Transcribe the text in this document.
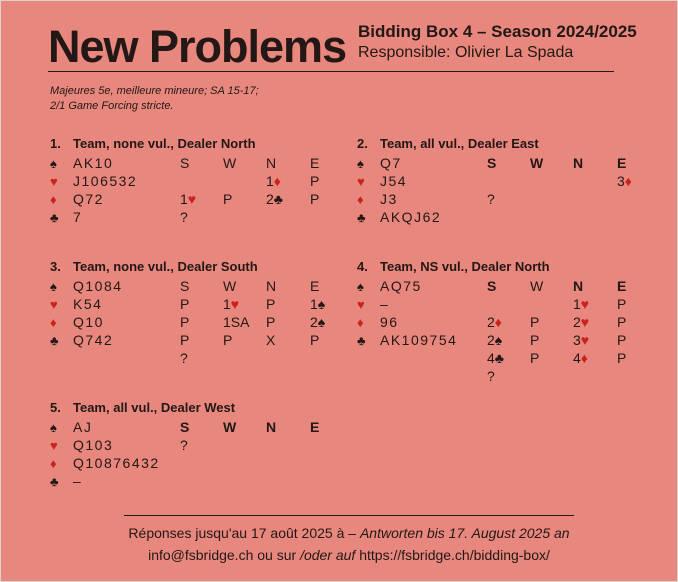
New Problems Bidding Box 4 – Season 2024/2025
Responsible: Olivier La Spada
Majeures 5e, meilleure mineure; SA 15-17;
2/1 Game Forcing stricte.
1. Team, none vul., Dealer North
♠ AK10
♥ J106532
♦ Q72
♣ 7
S W N E
1♦ P
1♥ P 2♣ P
?
2. Team, all vul., Dealer East
♠ Q7
♥ J54
♦ J3
♣ AKQJ62
S W N E
3♦
?
3. Team, none vul., Dealer South
♠ Q1084
♥ K54
♦ Q10
♣ Q742
S W N E
P 1♥ P 1♠
P 1SA P 2♠
P P X P
?
4. Team, NS vul., Dealer North
♠ AQ75
♥ –
♦ 96
♣ AK109754
S W N E
1♥ P
2♦ P 2♥ P
2♠ P 3♥ P
4♣ P 4♦ P
?
5. Team, all vul., Dealer West
♠ AJ
♥ Q103
♦ Q10876432
♣ –
S W N E
?
Réponses jusqu'au 17 août 2025 à – Antworten bis 17. August 2025 an
info@fsbridge.ch ou sur /oder auf https://fsbridge.ch/bidding-box/
